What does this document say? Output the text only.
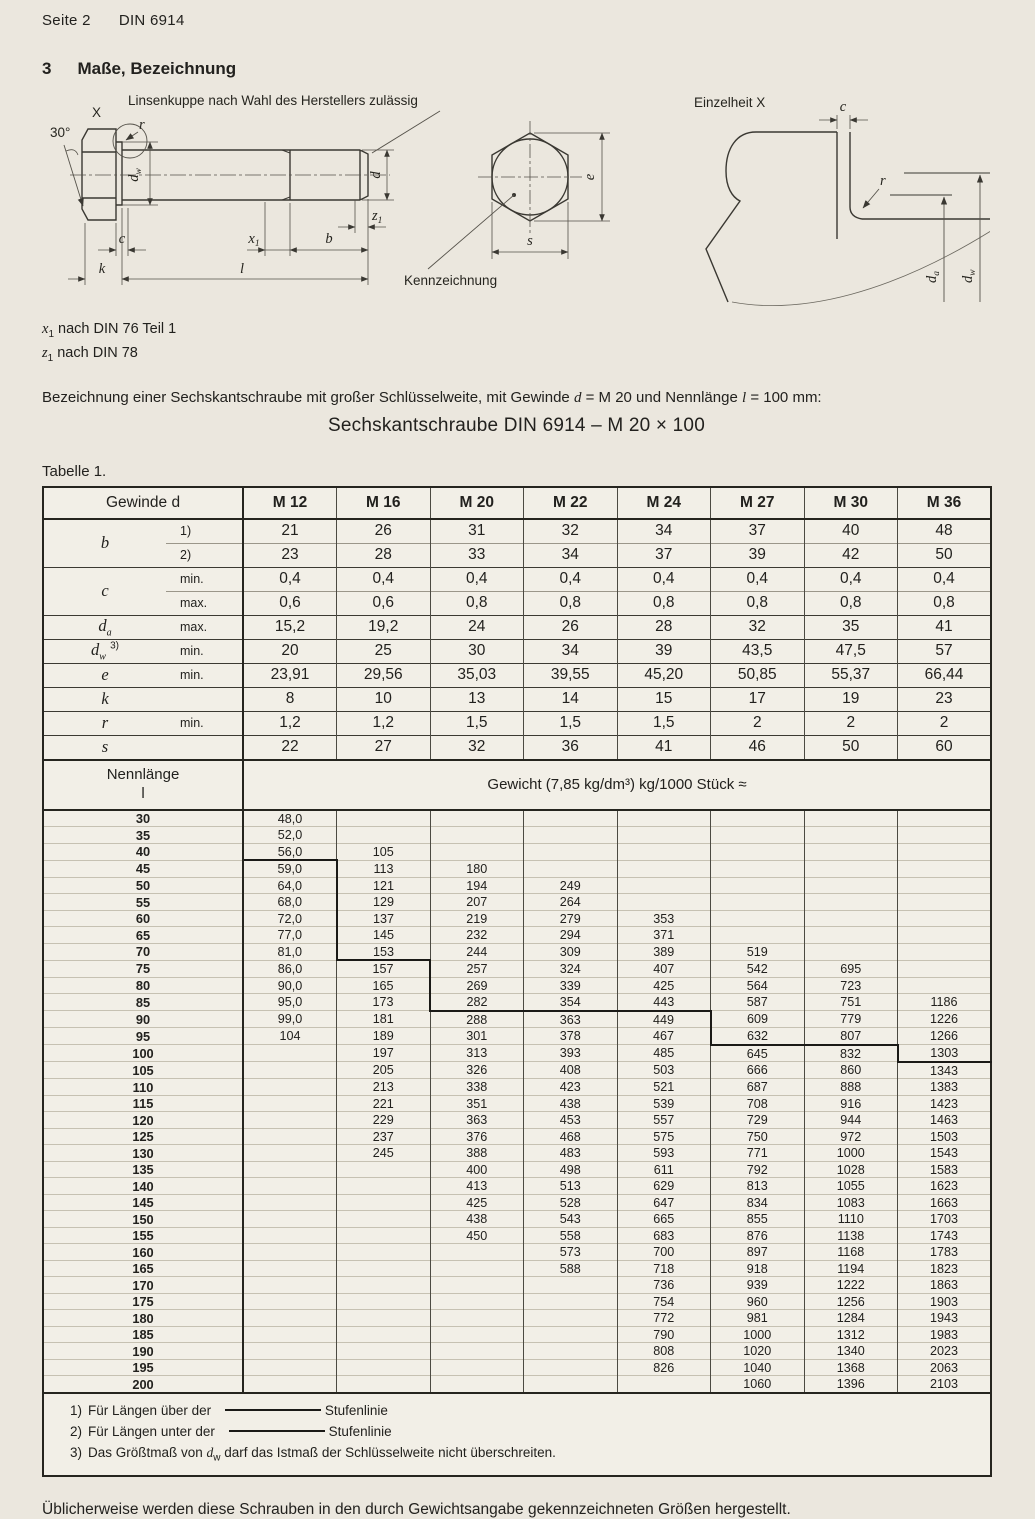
Seite 2 DIN 6914
3 Maße, Bezeichnung
X
r
30°
Linsenkuppe nach Wahl des Herstellers zulässig
$d_w$
c	$x_1$	b
$z_1$
d
k	l
e
s
Kennzeichnung
Einzelheit X	c
r
$d_a$
$d_w$
$x_1$ nach DIN 76 Teil 1
$z_1$ nach DIN 78
Bezeichnung einer Sechskantschraube mit großer Schlüsselweite, mit Gewinde d = M 20 und Nennlänge l = 100 mm:
Sechskantschraube DIN 6914 – M 20 × 100
Tabelle 1.
Gewinde d		M 12	M 16	M 20	M 22	M 24	M 27	M 30	M 36
b	1)	21	26	31	32	34	37	40	48
	2)	23	28	33	34	37	39	42	50
c	min.	0,4	0,4	0,4	0,4	0,4	0,4	0,4	0,4
	max.	0,6	0,6	0,8	0,8	0,8	0,8	0,8	0,8
$d_a$	max.	15,2	19,2	24	26	28	32	35	41
$d_w$ $^{3)}$	min.	20	25	30	34	39	43,5	47,5	57
e	min.	23,91	29,56	35,03	39,55	45,20	50,85	55,37	66,44
k		8	10	13	14	15	17	19	23
r	min.	1,2	1,2	1,5	1,5	1,5	2	2	2
s		22	27	32	36	41	46	50	60
Nennlänge
l		Gewicht (7,85 kg/dm³) kg/1000 Stück ≈							
30		48,0							
35		52,0							
40		56,0	105						
45		59,0	113	180					
50		64,0	121	194	249				
55		68,0	129	207	264				
60		72,0	137	219	279	353			
65		77,0	145	232	294	371			
70		81,0	153	244	309	389	519		
75		86,0	157	257	324	407	542	695	
80		90,0	165	269	339	425	564	723	
85		95,0	173	282	354	443	587	751	1186
90		99,0	181	288	363	449	609	779	1226
95		104	189	301	378	467	632	807	1266
100			197	313	393	485	645	832	1303
105			205	326	408	503	666	860	1343
110			213	338	423	521	687	888	1383
115			221	351	438	539	708	916	1423
120			229	363	453	557	729	944	1463
125			237	376	468	575	750	972	1503
130			245	388	483	593	771	1000	1543
135				400	498	611	792	1028	1583
140				413	513	629	813	1055	1623
145				425	528	647	834	1083	1663
150				438	543	665	855	1110	1703
155				450	558	683	876	1138	1743
160					573	700	897	1168	1783
165					588	718	918	1194	1823
170						736	939	1222	1863
175						754	960	1256	1903
180						772	981	1284	1943
185						790	1000	1312	1983
190						808	1020	1340	2023
195						826	1040	1368	2063
200							1060	1396	2103

1) Für Längen über der Stufenlinie
2) Für Längen unter der Stufenlinie
3) Das Größtmaß von $d_w$ darf das Istmaß der Schlüsselweite nicht überschreiten.									
Üblicherweise werden diese Schrauben in den durch Gewichtsangabe gekennzeichneten Größen hergestellt.
